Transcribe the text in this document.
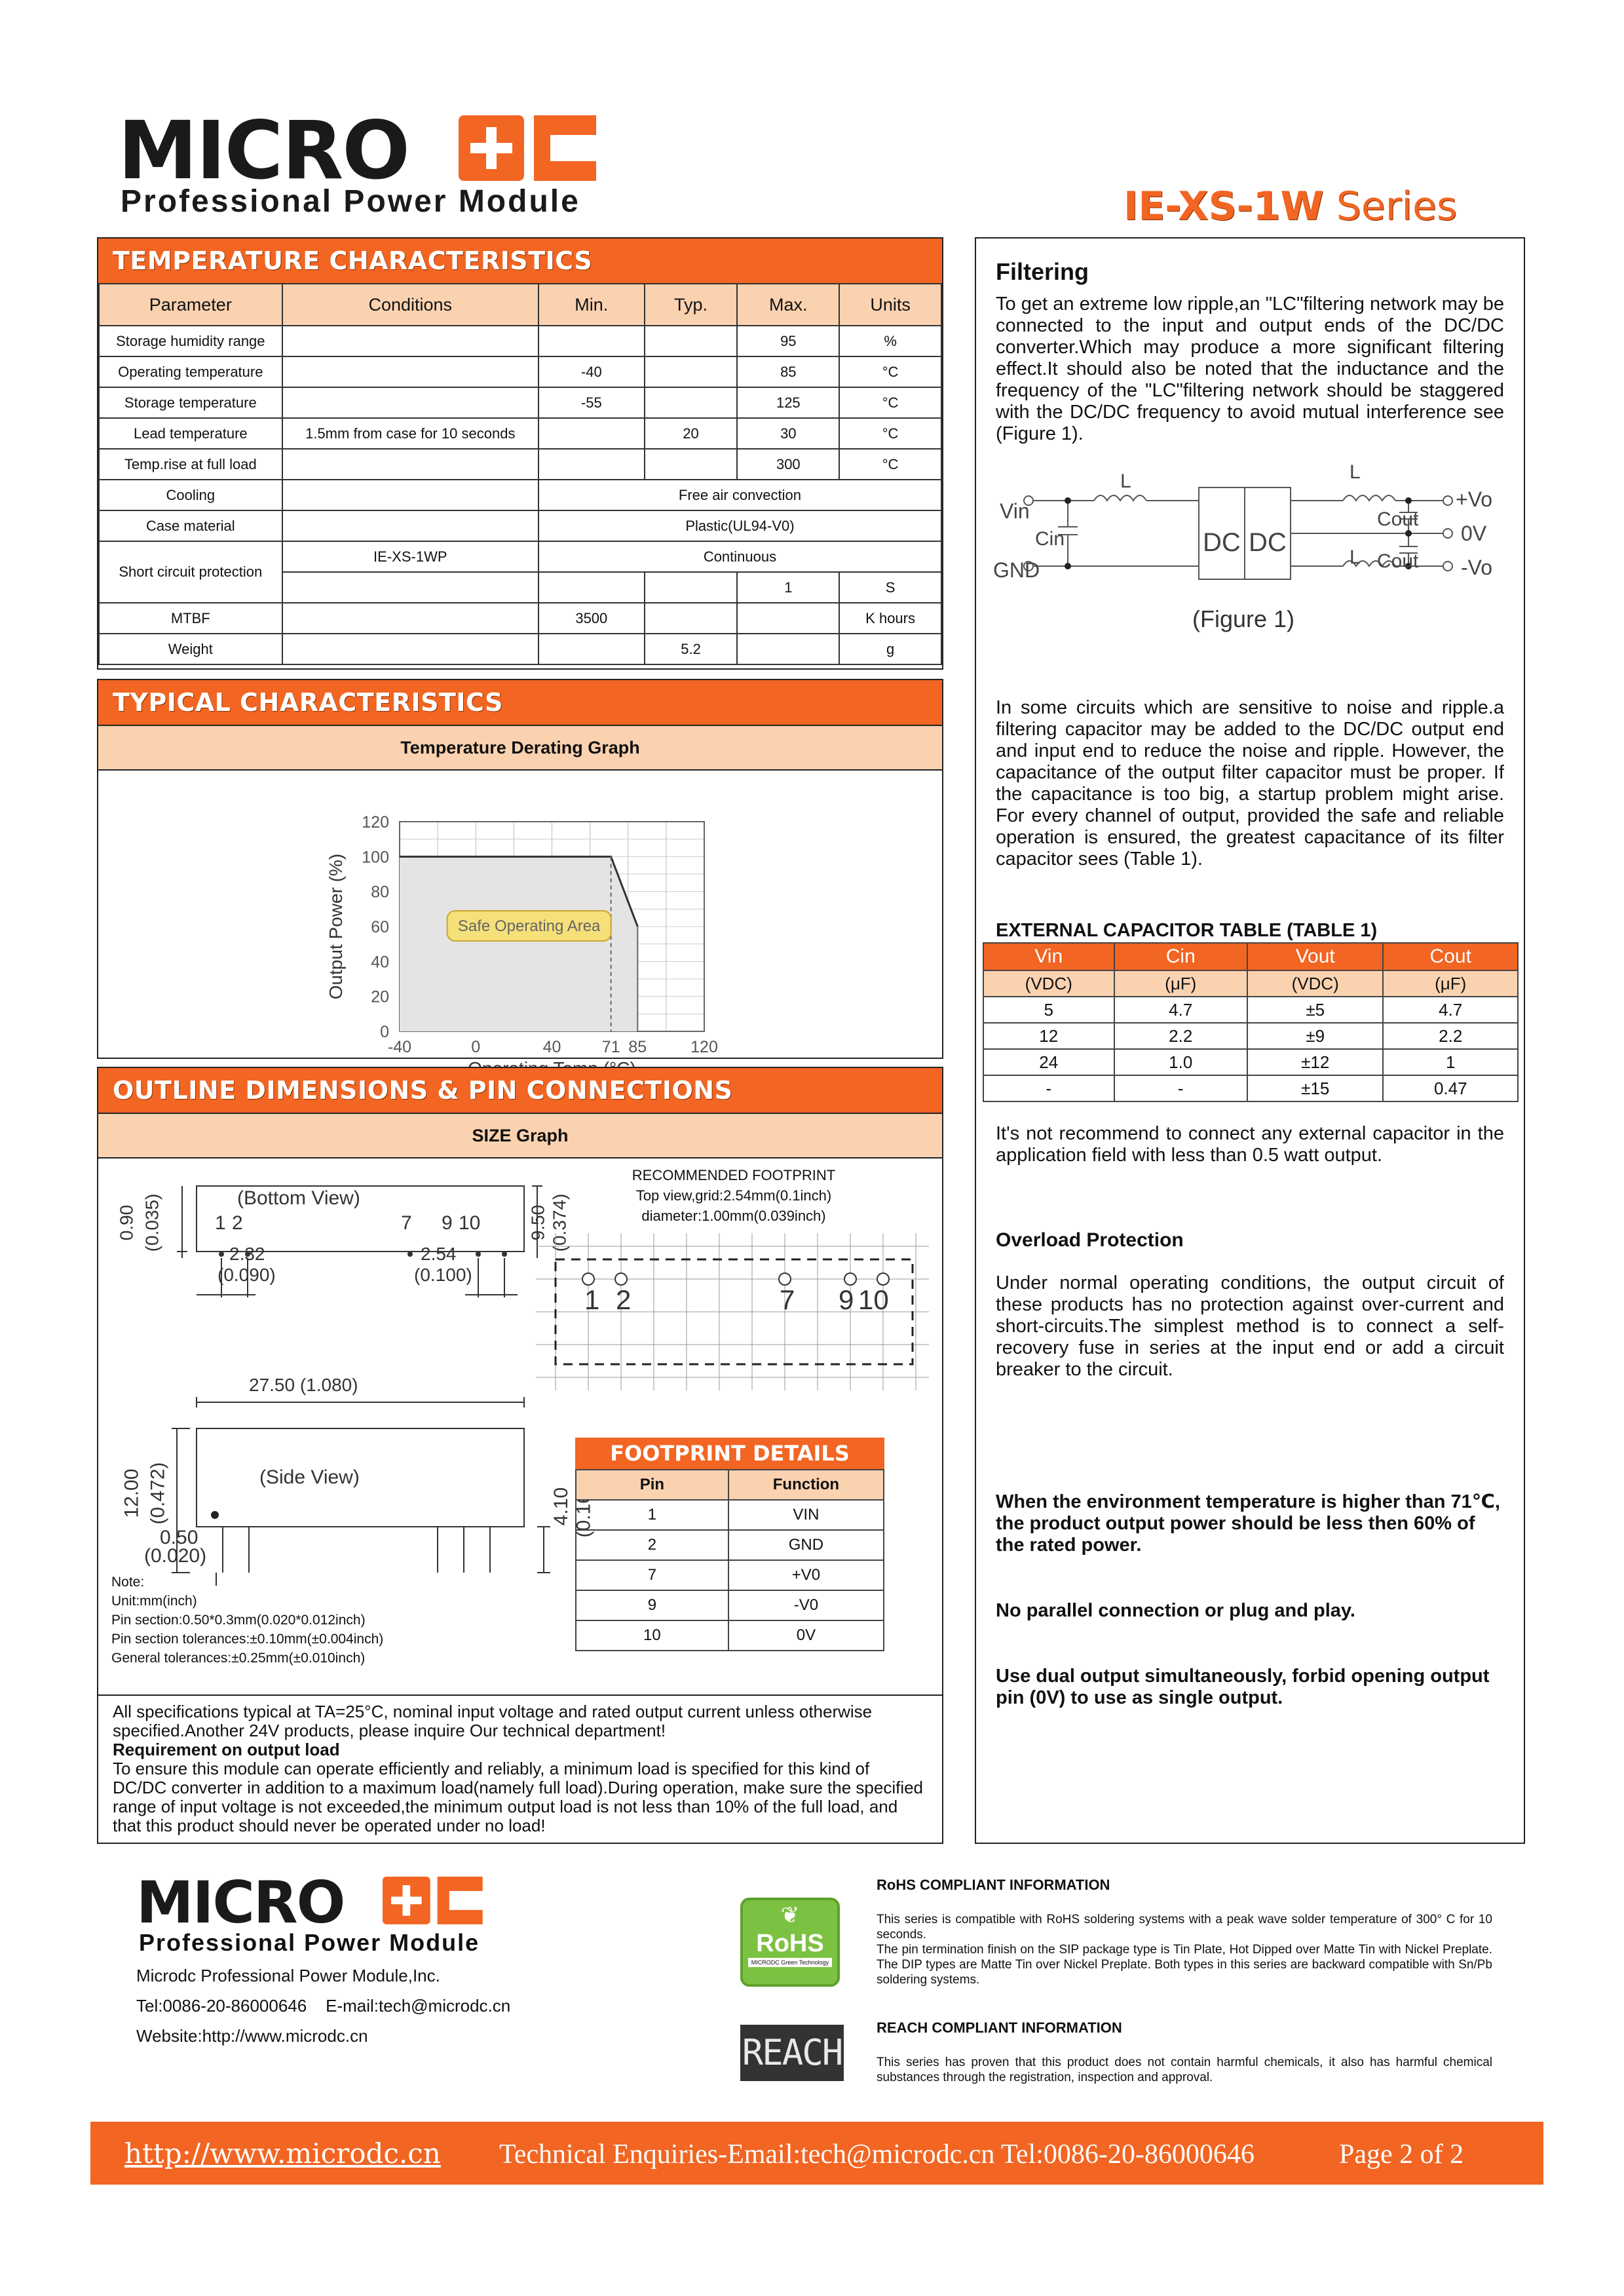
MICRO
Professional Power Module	IE-XS-1W Series
TEMPERATURE CHARACTERISTICS
Parameter	Conditions	Min.	Typ.	Max.	Units
Storage humidity range				95	%
Operating temperature		-40		85	°C
Storage temperature		-55		125	°C
Lead temperature	1.5mm from case for 10 seconds		20	30	°C
Temp.rise at full load				300	°C
Cooling		Free air convection			
Case material		Plastic(UL94-V0)			
Short circuit protection	IE-XS-1WP	Continuous			
				1	S
MTBF		3500			K hours
Weight			5.2		g
TYPICAL CHARACTERISTICS
Temperature Derating Graph
Safe Operating Area
0
20
40
60
80
100
120
-40	0	40 71 85	120
Output Power (%)
OUTLINE DIMENSIONS & PIN CONNECTIONS
SIZE Graph
0.90 (0.035)	(Bottom View)
1 2	7 9 10	9.50 (0.374)
2.32
(0.090)
2.54
(0.100)
27.50 (1.080)
(Side View)
12.00 (0.472)	4.10 (0.161)
0.50
(0.020)
Note:
Unit:mm(inch)
Pin section:0.50*0.3mm(0.020*0.012inch)
Pin section tolerances:±0.10mm(±0.004inch)
General tolerances:±0.25mm(±0.010inch)
RECOMMENDED FOOTPRINT
Top view,grid:2.54mm(0.1inch)
diameter:1.00mm(0.039inch)
1 2	7 9 10
FOOTPRINT DETAILS
Pin	Function
1	VIN
2	GND
7	+V0
9	-V0
10	0V
All specifications typical at TA=25°C, nominal input voltage and rated output current unless otherwise specified.Another 24V products, please inquire Our technical department!
Requirement on output load
To ensure this module can operate efficiently and reliably, a minimum load is specified for this kind of DC/DC converter in addition to a maximum load(namely full load).During operation, make sure the specified range of input voltage is not exceeded,the minimum output load is not less than 10% of the full load, and that this product should never be operated under no load!
Filtering
To get an extreme low ripple,an "LC"filtering network may be connected to the input and output ends of the DC/DC converter.Which may produce a more significant filtering effect.It should also be noted that the inductance and the frequency of the "LC"filtering network should be staggered with the DC/DC frequency to avoid mutual interference see (Figure 1).
Vin
GND
Cin
L
DC DC
L
L
Cout
Cout
+Vo
0V
-Vo
(Figure 1)
In some circuits which are sensitive to noise and ripple.a filtering capacitor may be added to the DC/DC output end and input end to reduce the noise and ripple. However, the capacitance of the output filter capacitor must be proper. If the capacitance is too big, a startup problem might arise. For every channel of output, provided the safe and reliable operation is ensured, the greatest capacitance of its filter capacitor sees (Table 1).
EXTERNAL CAPACITOR TABLE (TABLE 1)
Vin	Cin	Vout	Cout
(VDC)	(μF)	(VDC)	(μF)
5	4.7	±5	4.7
12	2.2	±9	2.2
24	1.0	±12	1
-	-	±15	0.47
It's not recommend to connect any external capacitor in the application field with less than 0.5 watt output.
Overload Protection
Under normal operating conditions, the output circuit of these products has no protection against over-current and short-circuits.The simplest method is to connect a self-recovery fuse in series at the input end or add a circuit breaker to the circuit.
When the environment temperature is higher than 71℃, the product output power should be less then 60% of the rated power.
No parallel connection or plug and play.
Use dual output simultaneously, forbid opening output pin (0V) to use as single output.
MICRO
Professional Power Module
Microdc Professional Power Module,Inc.
Tel:0086-20-86000646    E-mail:tech@microdc.cn
Website:http://www.microdc.cn
❦
RoHS
MICRODC Green Technology
REACH
RoHS COMPLIANT INFORMATION
This series is compatible with RoHS soldering systems with a peak wave solder temperature of 300° C for 10 seconds.
The pin termination finish on the SIP package type is Tin Plate, Hot Dipped over Matte Tin with Nickel Preplate. The DIP types are Matte Tin over Nickel Preplate. Both types in this series are backward compatible with Sn/Pb soldering systems.
REACH COMPLIANT INFORMATION
This series has proven that this product does not contain harmful chemicals, it also has harmful chemical substances through the registration, inspection and approval.
http://www.microdc.cn Technical Enquiries-Email:tech@microdc.cn Tel:0086-20-86000646	Page 2 of 2
